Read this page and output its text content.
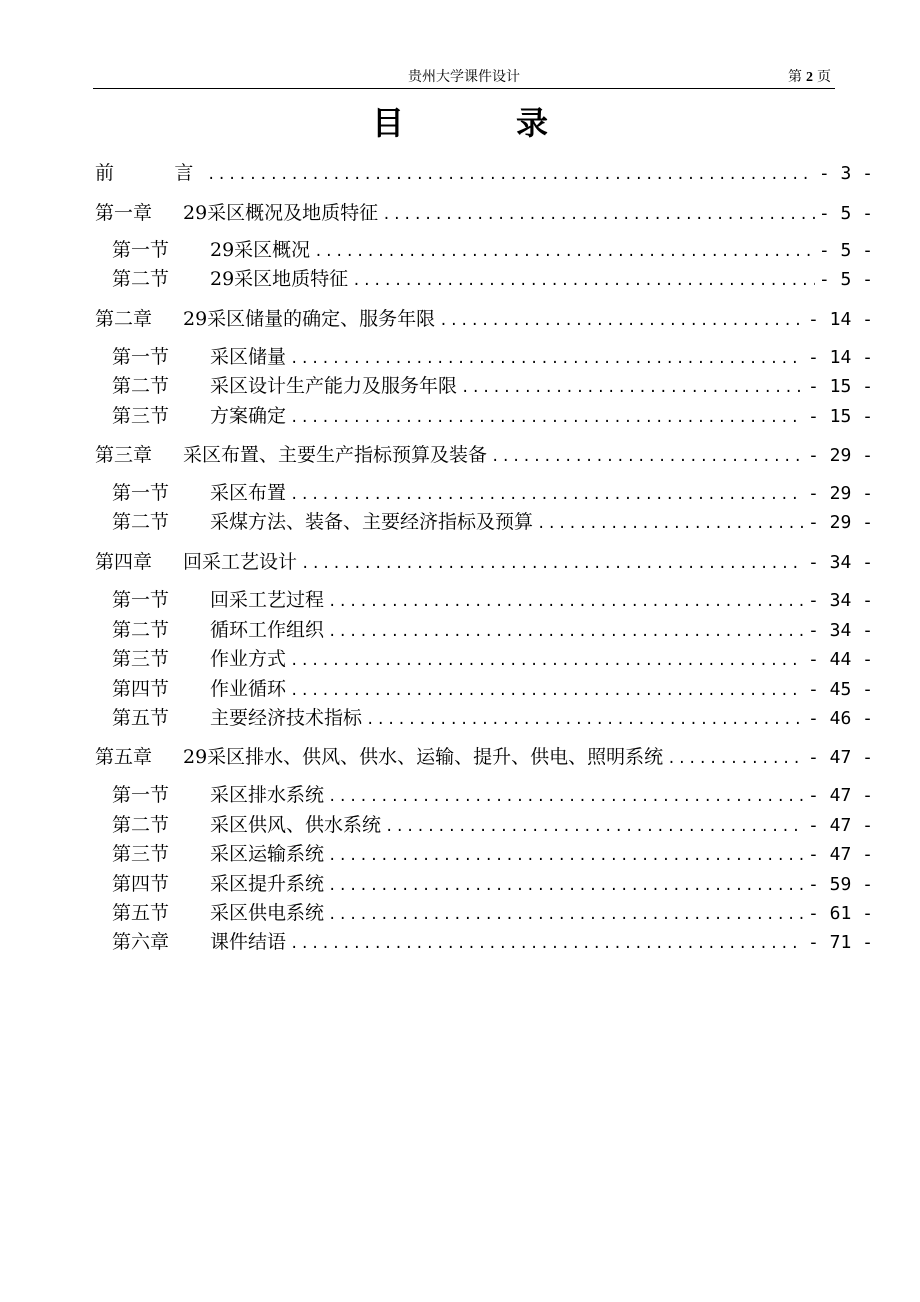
贵州大学课件设计	第 2 页
目录
前          言 .....	- 3 -
第一章	29采区概况及地质特征 .....	- 5 -
第一节	29采区概况 .....	- 5 -
第二节	29采区地质特征 .....	- 5 -
第二章	29采区储量的确定、服务年限 .....	- 14 -
第一节	采区储量 .....	- 14 -
第二节	采区设计生产能力及服务年限 .....	- 15 -
第三节	方案确定 .....	- 15 -
第三章	采区布置、主要生产指标预算及装备 .....	- 29 -
第一节	采区布置 .....	- 29 -
第二节	采煤方法、装备、主要经济指标及预算 .....	- 29 -
第四章	回采工艺设计 .....	- 34 -
第一节	回采工艺过程 .....	- 34 -
第二节	循环工作组织 .....	- 34 -
第三节	作业方式 .....	- 44 -
第四节	作业循环 .....	- 45 -
第五节	主要经济技术指标 .....	- 46 -
第五章	29采区排水、供风、供水、运输、提升、供电、照明系统 .....	- 47 -
第一节	采区排水系统 .....	- 47 -
第二节	采区供风、供水系统 .....	- 47 -
第三节	采区运输系统 .....	- 47 -
第四节	采区提升系统 .....	- 59 -
第五节	采区供电系统 .....	- 61 -
第六章	课件结语 .....	- 71 -
